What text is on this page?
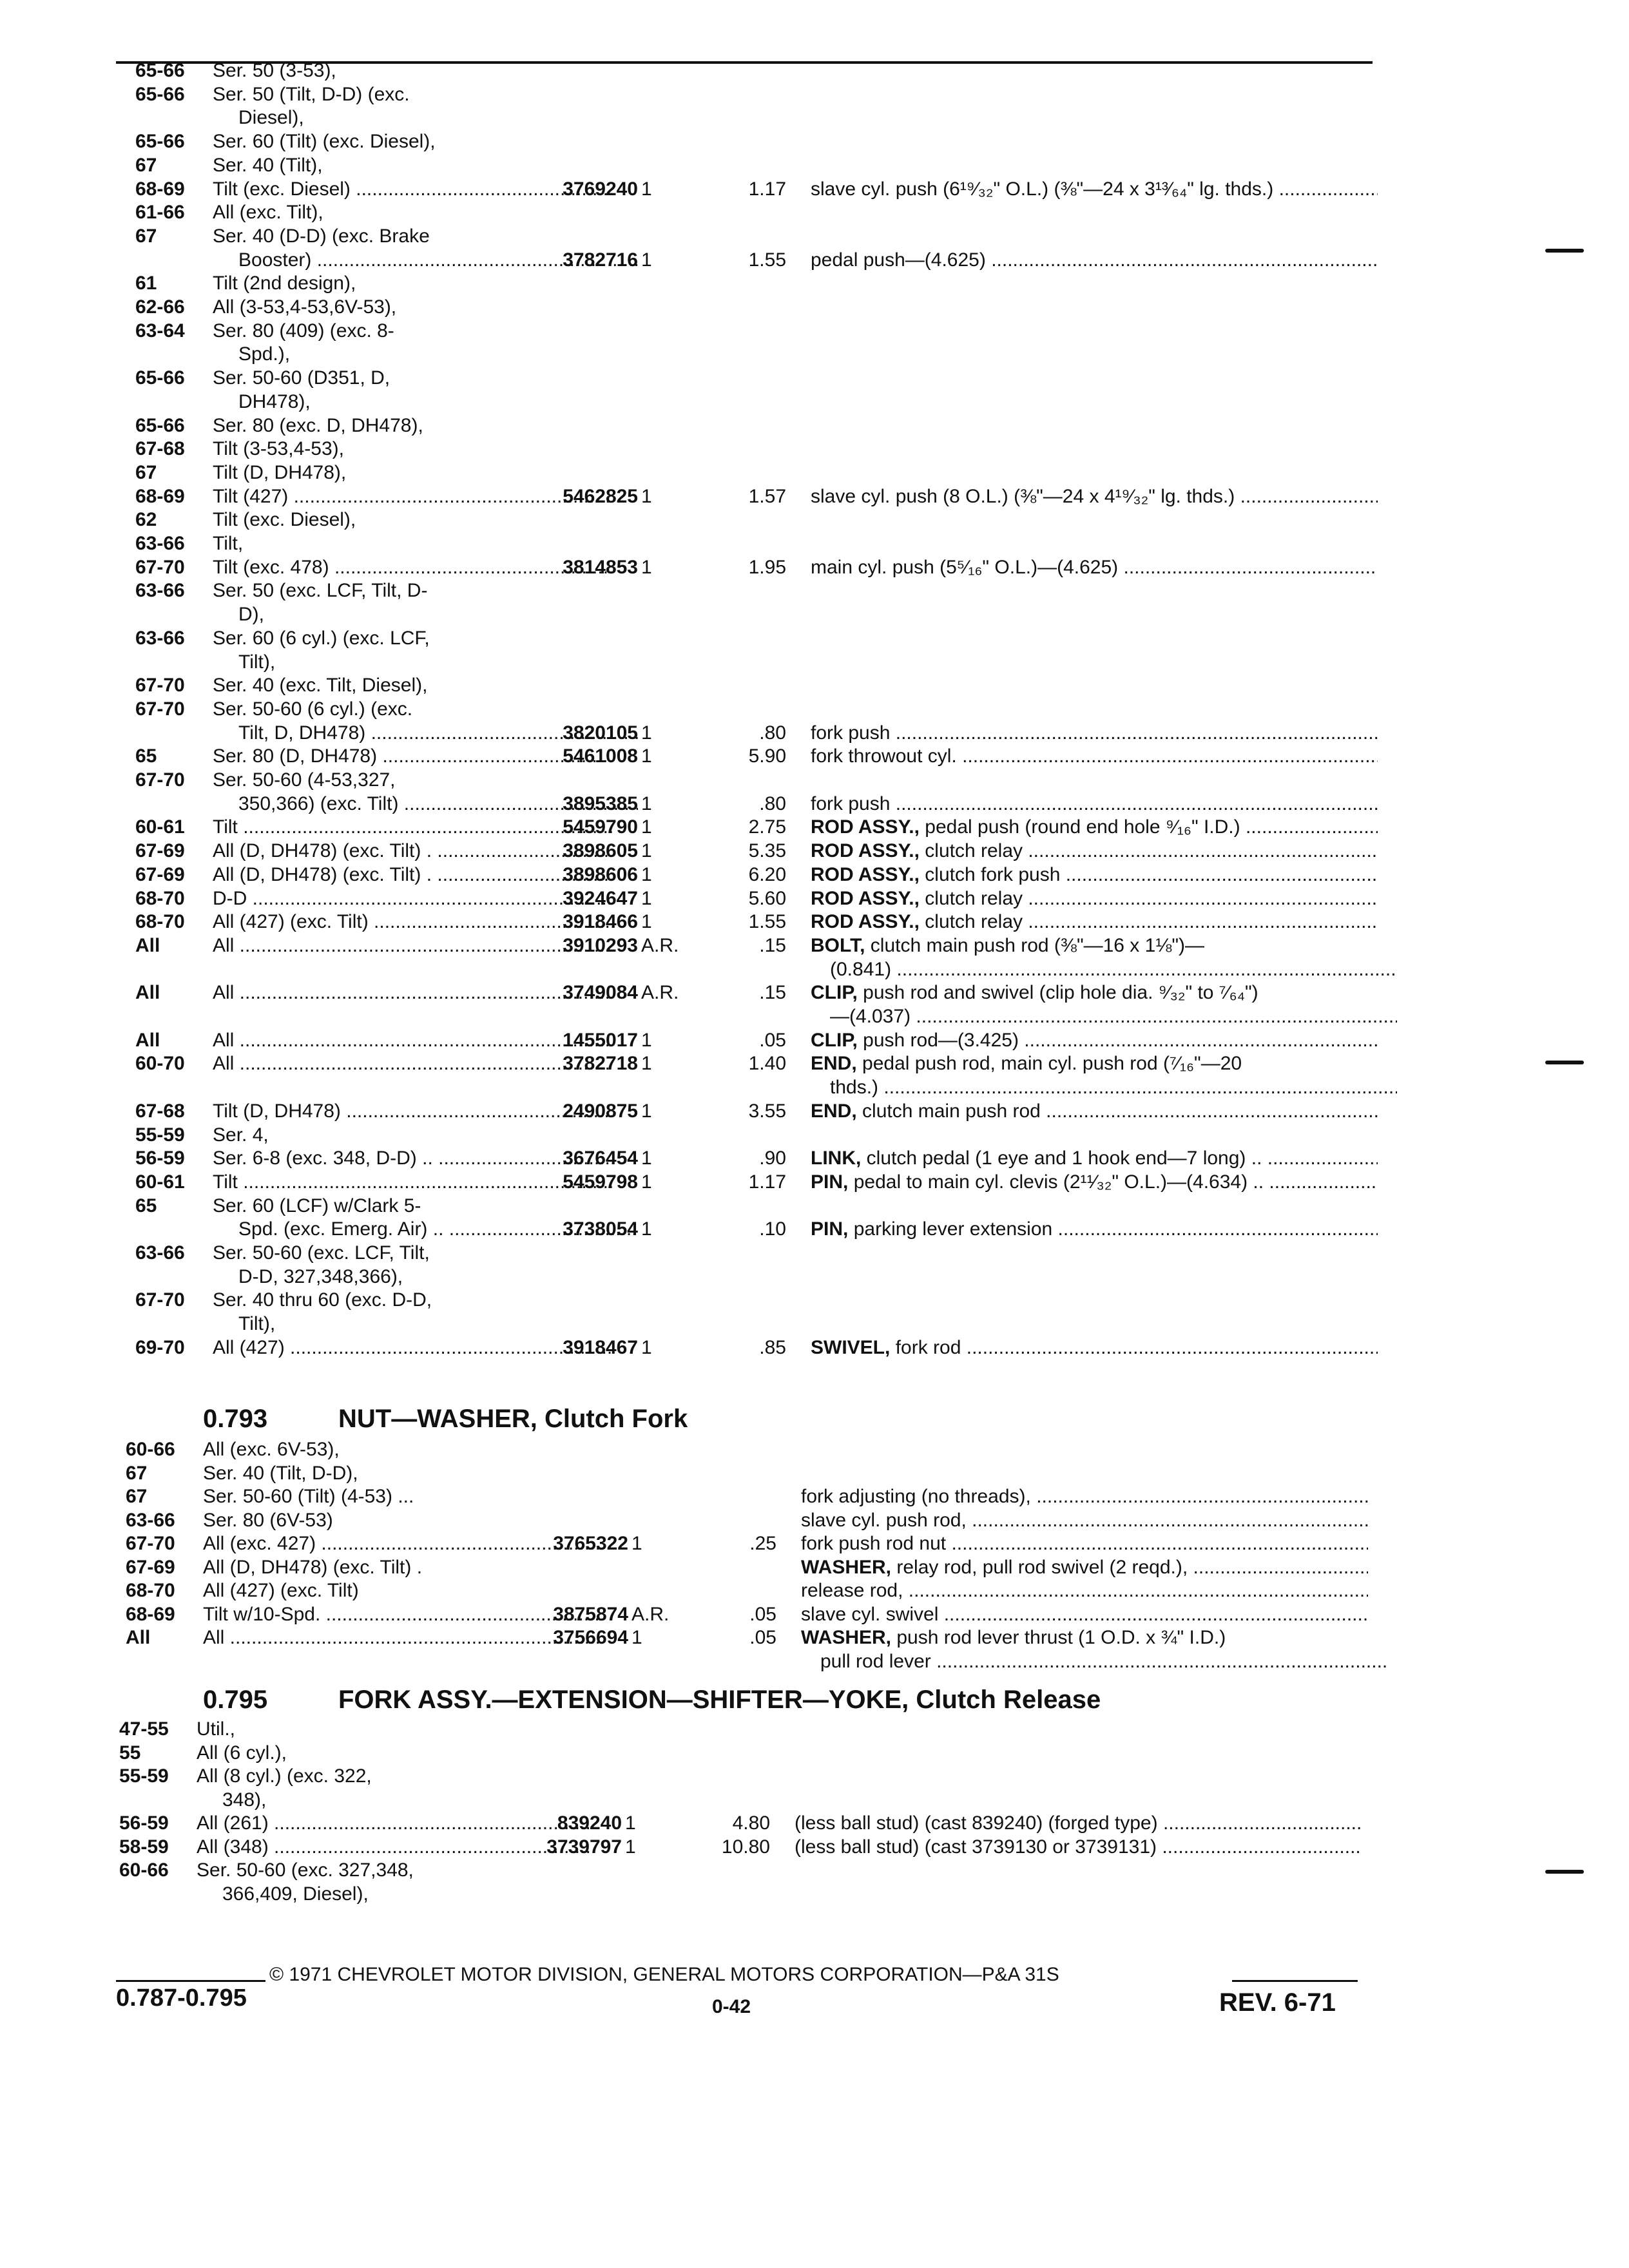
65-66	Ser. 50 (3-53),
65-66	Ser. 50 (Tilt, D-D) (exc.
Diesel),
65-66	Ser. 60 (Tilt) (exc. Diesel),
67	Ser. 40 (Tilt),
68-69	Tilt (exc. Diesel) .....	3769240 1	1.17 slave cyl. push (6¹⁹⁄₃₂" O.L.) (⅜"—24 x 3¹³⁄₆₄" lg. thds.) .....
61-66	All (exc. Tilt),
67	Ser. 40 (D-D) (exc. Brake
Booster) .....	3782716 1	1.55 pedal push—(4.625) .....
61	Tilt (2nd design),
62-66	All (3-53,4-53,6V-53),
63-64	Ser. 80 (409) (exc. 8-
Spd.),
65-66	Ser. 50-60 (D351, D,
DH478),
65-66	Ser. 80 (exc. D, DH478),
67-68	Tilt (3-53,4-53),
67	Tilt (D, DH478),
68-69	Tilt (427) .....	5462825 1	1.57 slave cyl. push (8 O.L.) (⅜"—24 x 4¹⁹⁄₃₂" lg. thds.) .....
62	Tilt (exc. Diesel),
63-66	Tilt,
67-70	Tilt (exc. 478) .....	3814853 1	1.95 main cyl. push (5⁵⁄₁₆" O.L.)—(4.625) .....
63-66	Ser. 50 (exc. LCF, Tilt, D-
D),
63-66	Ser. 60 (6 cyl.) (exc. LCF,
Tilt),
67-70	Ser. 40 (exc. Tilt, Diesel),
67-70	Ser. 50-60 (6 cyl.) (exc.
Tilt, D, DH478) .....	3820105 1	.80 fork push .....
65	Ser. 80 (D, DH478) .....	5461008 1	5.90 fork throwout cyl. .....
67-70	Ser. 50-60 (4-53,327,
350,366) (exc. Tilt) .....	3895385 1	.80 fork push .....
60-61	Tilt .....	5459790 1	2.75 ROD ASSY., pedal push (round end hole ⁹⁄₁₆" I.D.) .....
67-69	All (D, DH478) (exc. Tilt) . .....	3898605 1	5.35 ROD ASSY., clutch relay .....
67-69	All (D, DH478) (exc. Tilt) . .....	3898606 1	6.20 ROD ASSY., clutch fork push .....
68-70	D-D .....	3924647 1	5.60 ROD ASSY., clutch relay .....
68-70	All (427) (exc. Tilt) .....	3918466 1	1.55 ROD ASSY., clutch relay .....
All	All .....	3910293 A.R.	.15 BOLT, clutch main push rod (⅜"—16 x 1⅛")—
(0.841) .....
All	All .....	3749084 A.R.	.15 CLIP, push rod and swivel (clip hole dia. ⁹⁄₃₂" to ⁷⁄₆₄")
—(4.037) .....
All	All .....	1455017 1	.05 CLIP, push rod—(3.425) .....
60-70	All .....	3782718 1	1.40 END, pedal push rod, main cyl. push rod (⁷⁄₁₆"—20
thds.) .....
67-68	Tilt (D, DH478) .....	2490875 1	3.55 END, clutch main push rod .....
55-59	Ser. 4,
56-59	Ser. 6-8 (exc. 348, D-D) .. .....	3676454 1	.90 LINK, clutch pedal (1 eye and 1 hook end—7 long) .. .....
60-61	Tilt .....	5459798 1	1.17 PIN, pedal to main cyl. clevis (2¹¹⁄₃₂" O.L.)—(4.634) .. .....
65	Ser. 60 (LCF) w/Clark 5-
Spd. (exc. Emerg. Air) .. .....	3738054 1	.10 PIN, parking lever extension .....
63-66	Ser. 50-60 (exc. LCF, Tilt,
D-D, 327,348,366),
67-70	Ser. 40 thru 60 (exc. D-D,
Tilt),
69-70	All (427) .....	3918467 1	.85 SWIVEL, fork rod .....
0.793	NUT—WASHER, Clutch Fork
60-66	All (exc. 6V-53),
67	Ser. 40 (Tilt, D-D),
67	Ser. 50-60 (Tilt) (4-53) ...	fork adjusting (no threads), .....
63-66	Ser. 80 (6V-53)	slave cyl. push rod, .....
67-70	All (exc. 427) .....	3765322 1	.25 fork push rod nut .....
67-69	All (D, DH478) (exc. Tilt) .	WASHER, relay rod, pull rod swivel (2 reqd.), .....
68-70	All (427) (exc. Tilt)	release rod, .....
68-69	Tilt w/10-Spd. .....	3875874 A.R.	.05 slave cyl. swivel .....
All	All .....	3756694 1	.05 WASHER, push rod lever thrust (1 O.D. x ¾" I.D.)
pull rod lever .....
0.795	FORK ASSY.—EXTENSION—SHIFTER—YOKE, Clutch Release
47-55	Util.,
55	All (6 cyl.),
55-59	All (8 cyl.) (exc. 322,
348),
56-59	All (261) .....	839240 1	4.80 (less ball stud) (cast 839240) (forged type) .....
58-59	All (348) .....	3739797 1	10.80 (less ball stud) (cast 3739130 or 3739131) .....
60-66	Ser. 50-60 (exc. 327,348,
366,409, Diesel),
© 1971 CHEVROLET MOTOR DIVISION, GENERAL MOTORS CORPORATION—P&A 31S
0.787-0.795	0-42	REV. 6-71
